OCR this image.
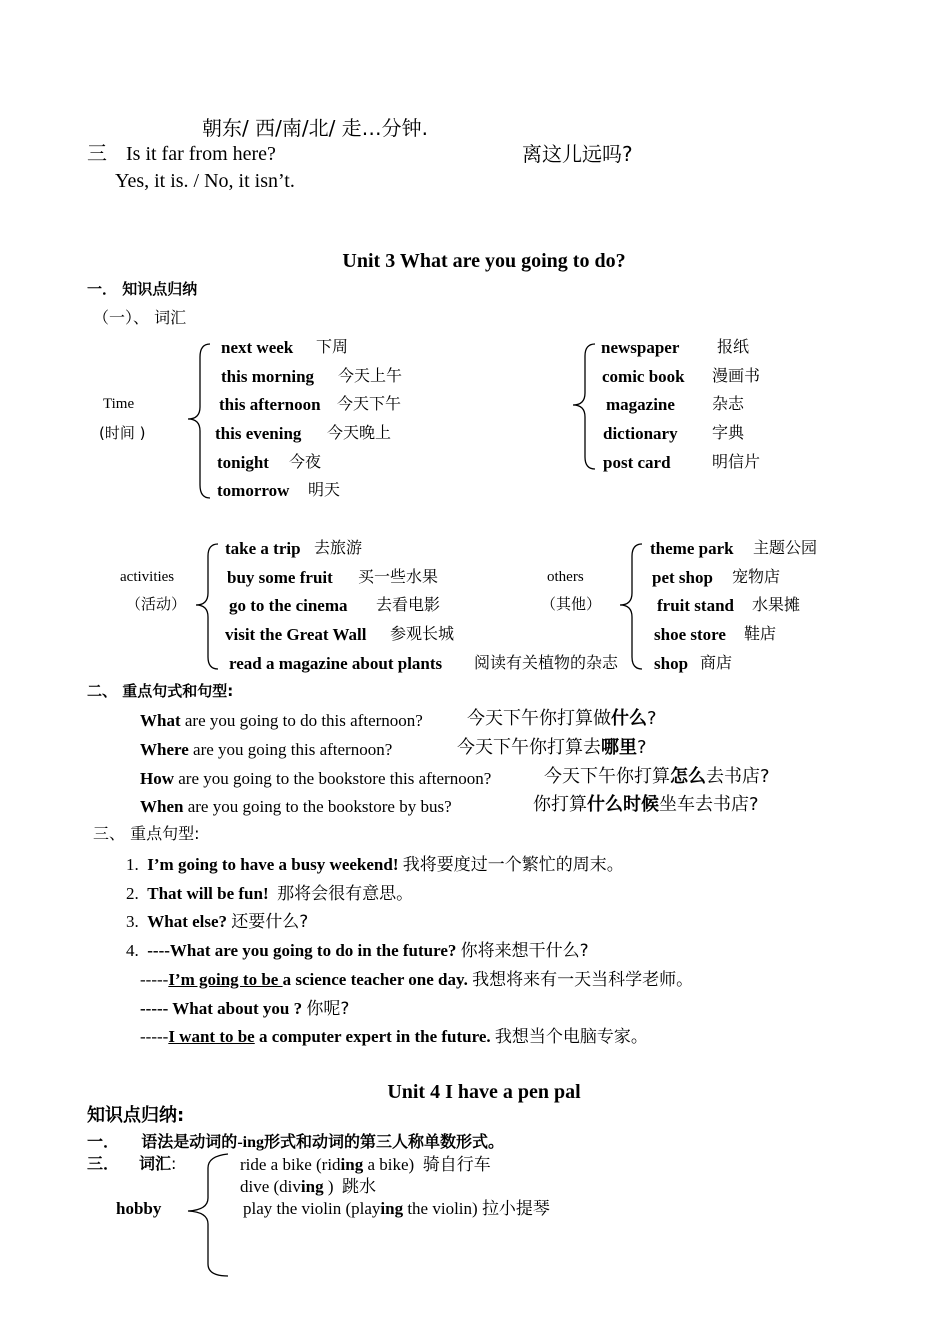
朝东/ 西/南/北/ 走…分钟.
三 Is it far from here?	离这儿远吗?
Yes, it is. / No, it isn’t.
Unit 3 What are you going to do?
一． 知识点归纳
（一）、 词汇
Time
(时间 )
next week 下周
this morning 今天上午
this afternoon 今天下午
this evening 今天晚上
tonight 今夜
tomorrow 明天
newspaper 报纸
comic book 漫画书
magazine 杂志
dictionary 字典
post card	明信片
activities
（活动）
take a trip 去旅游
buy some fruit 买一些水果
go to the cinema 去看电影
visit the Great Wall 参观长城
read a magazine about plants 阅读有关植物的杂志
others
（其他）
theme park 主题公园
pet shop 宠物店
fruit stand 水果摊
shoe store 鞋店
shop 商店
二、 重点句式和句型:
What are you going to do this afternoon? 今天下午你打算做什么?
Where are you going this afternoon?	今天下午你打算去哪里?
How are you going to the bookstore this afternoon?	今天下午你打算怎么去书店?
When are you going to the bookstore by bus?	你打算什么时候坐车去书店?
三、 重点句型:
1. I’m going to have a busy weekend! 我将要度过一个繁忙的周末。
2. That will be fun! 那将会很有意思。
3. What else? 还要什么?
4. ----What are you going to do in the future? 你将来想干什么?
-----I’m going to be a science teacher one day. 我想将来有一天当科学老师。
----- What about you ? 你呢?
-----I want to be a computer expert in the future. 我想当个电脑专家。
Unit 4 I have a pen pal
知识点归纳:
一． 语法是动词的-ing形式和动词的第三人称单数形式。
三． 词汇:
hobby
ride a bike (riding a bike) 骑自行车
dive (diving ) 跳水
play the violin (playing the violin) 拉小提琴
